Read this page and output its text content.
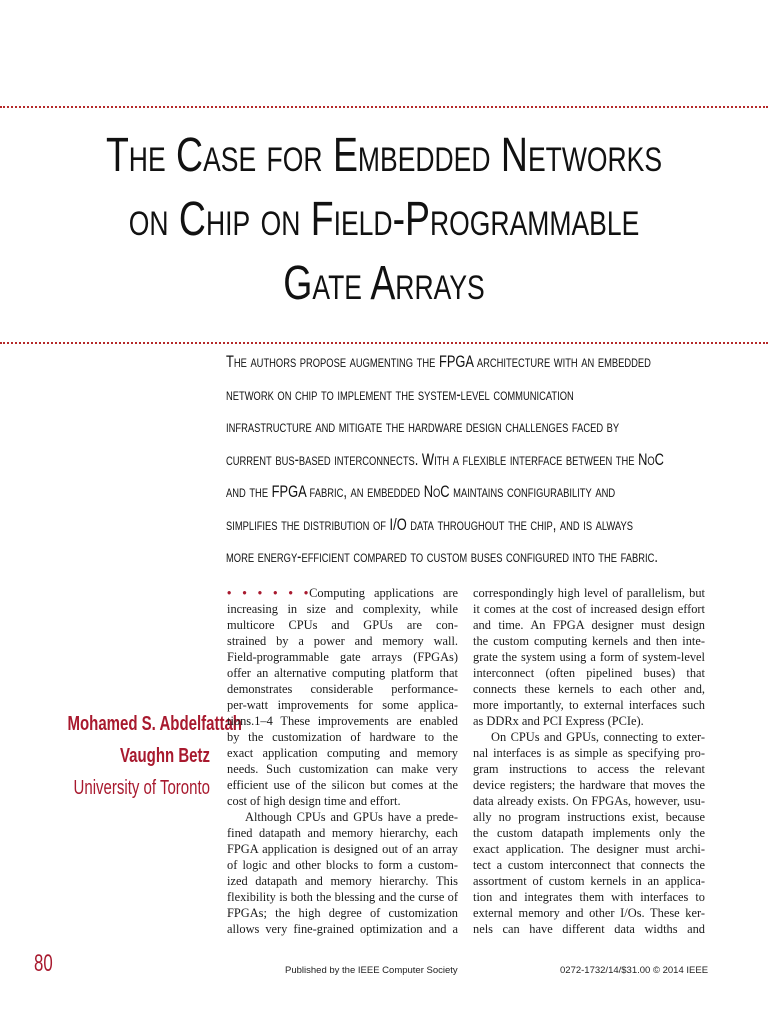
The Case for Embedded Networks
on Chip on Field-Programmable
Gate Arrays
The authors propose augmenting the FPGA architecture with an embedded
network on chip to implement the system-level communication
infrastructure and mitigate the hardware design challenges faced by
current bus-based interconnects. With a flexible interface between the NoC
and the FPGA fabric, an embedded NoC maintains configurability and
simplifies the distribution of I/O data throughout the chip, and is always
more energy-efficient compared to custom buses configured into the fabric.
Mohamed S. Abdelfattah
Vaughn Betz
University of Toronto
• • • • • •Computing applications are
increasing in size and complexity, while
multicore CPUs and GPUs are con-
strained by a power and memory wall.
Field-programmable gate arrays (FPGAs)
offer an alternative computing platform that
demonstrates considerable performance-
per-watt improvements for some applica-
tions.1–4 These improvements are enabled
by the customization of hardware to the
exact application computing and memory
needs. Such customization can make very
efficient use of the silicon but comes at the
cost of high design time and effort.
Although CPUs and GPUs have a prede-
fined datapath and memory hierarchy, each
FPGA application is designed out of an array
of logic and other blocks to form a custom-
ized datapath and memory hierarchy. This
flexibility is both the blessing and the curse of
FPGAs; the high degree of customization
allows very fine-grained optimization and a
correspondingly high level of parallelism, but
it comes at the cost of increased design effort
and time. An FPGA designer must design
the custom computing kernels and then inte-
grate the system using a form of system-level
interconnect (often pipelined buses) that
connects these kernels to each other and,
more importantly, to external interfaces such
as DDRx and PCI Express (PCIe).
On CPUs and GPUs, connecting to exter-
nal interfaces is as simple as specifying pro-
gram instructions to access the relevant
device registers; the hardware that moves the
data already exists. On FPGAs, however, usu-
ally no program instructions exist, because
the custom datapath implements only the
exact application. The designer must archi-
tect a custom interconnect that connects the
assortment of custom kernels in an applica-
tion and integrates them with interfaces to
external memory and other I/Os. These ker-
nels can have different data widths and
80	Published by the IEEE Computer Society	0272-1732/14/$31.00 © 2014 IEEE
